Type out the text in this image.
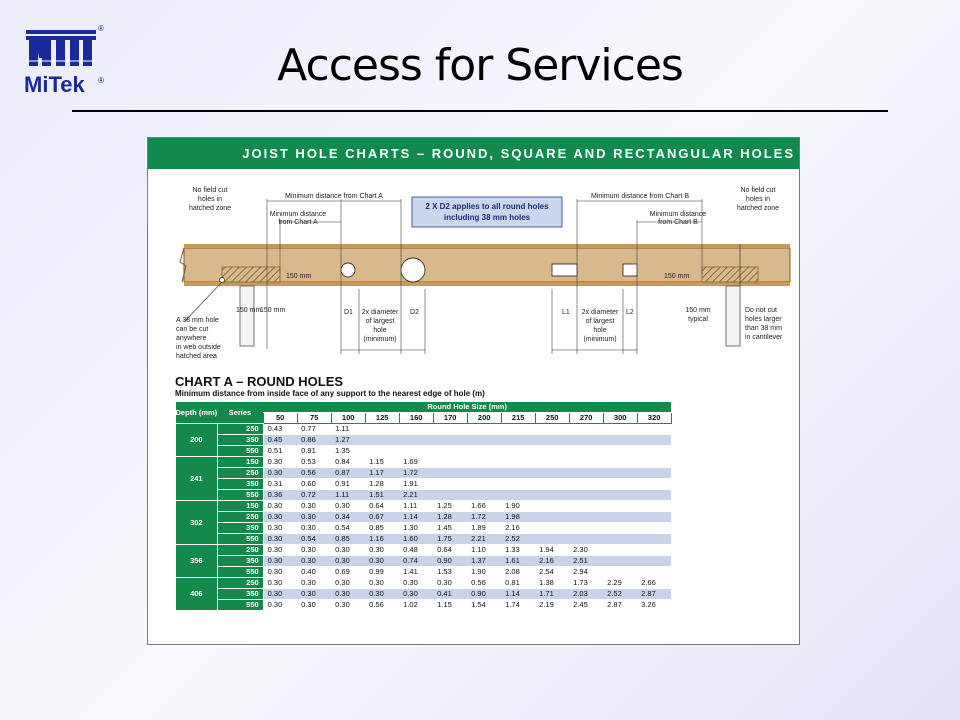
®
MiTek ®	Access for Services
JOIST HOLE CHARTS – ROUND, SQUARE AND RECTANGULAR HOLES
2 X D2 applies to all round holes
including 38 mm holes
Minimum distance from Chart A
Minimum distance
from Chart A
Minimum distance from Chart B
Minimum distance
from Chart B
No field cut
holes in
hatched zone
No field cut
holes in
hatched zone
150 mm	150 mm
150 mm
150 mm
A 38 mm hole
can be cut
anywhere
in web outside
hatched area
D1	D2
2x diameter
of largest
hole
(minimum)
L1	L2
2x diameter
of largest
hole
(minimum)
150 mm
typical
Do not cut
holes larger
than 38 mm
in cantilever
CHART A – ROUND HOLES
Minimum distance from inside face of any support to the nearest edge of hole (m)
Depth (mm)	Series	Round Hole Size (mm)											
		50	75	100	125	160	170	200	215	250	270	300	320
200	250	0.43	0.77	1.11									
	350	0.45	0.86	1.27									
	550	0.51	0.91	1.35									
241	150	0.30	0.53	0.84	1.15	1.69							
	250	0.30	0.56	0.87	1.17	1.72							
	350	0.31	0.60	0.91	1.28	1.91							
	550	0.36	0.72	1.11	1.51	2.21							
302	150	0.30	0.30	0.30	0.64	1.11	1.25	1.66	1.90				
	250	0.30	0.30	0.34	0.67	1.14	1.28	1.72	1.98				
	350	0.30	0.30	0.54	0.85	1.30	1.45	1.89	2.16				
	550	0.30	0.54	0.85	1.16	1.60	1.75	2.21	2.52				
356	250	0.30	0.30	0.30	0.30	0.48	0.64	1.10	1.33	1.94	2.30		
	350	0.30	0.30	0.30	0.30	0.74	0.90	1.37	1.61	2.16	2.51		
	550	0.30	0.40	0.69	0.99	1.41	1.53	1.90	2.08	2.54	2.94		
406	250	0.30	0.30	0.30	0.30	0.30	0.30	0.56	0.81	1.38	1.73	2.29	2.66
	350	0.30	0.30	0.30	0.30	0.30	0.41	0.90	1.14	1.71	2.03	2.52	2.87
	550	0.30	0.30	0.30	0.56	1.02	1.15	1.54	1.74	2.19	2.45	2.87	3.26
